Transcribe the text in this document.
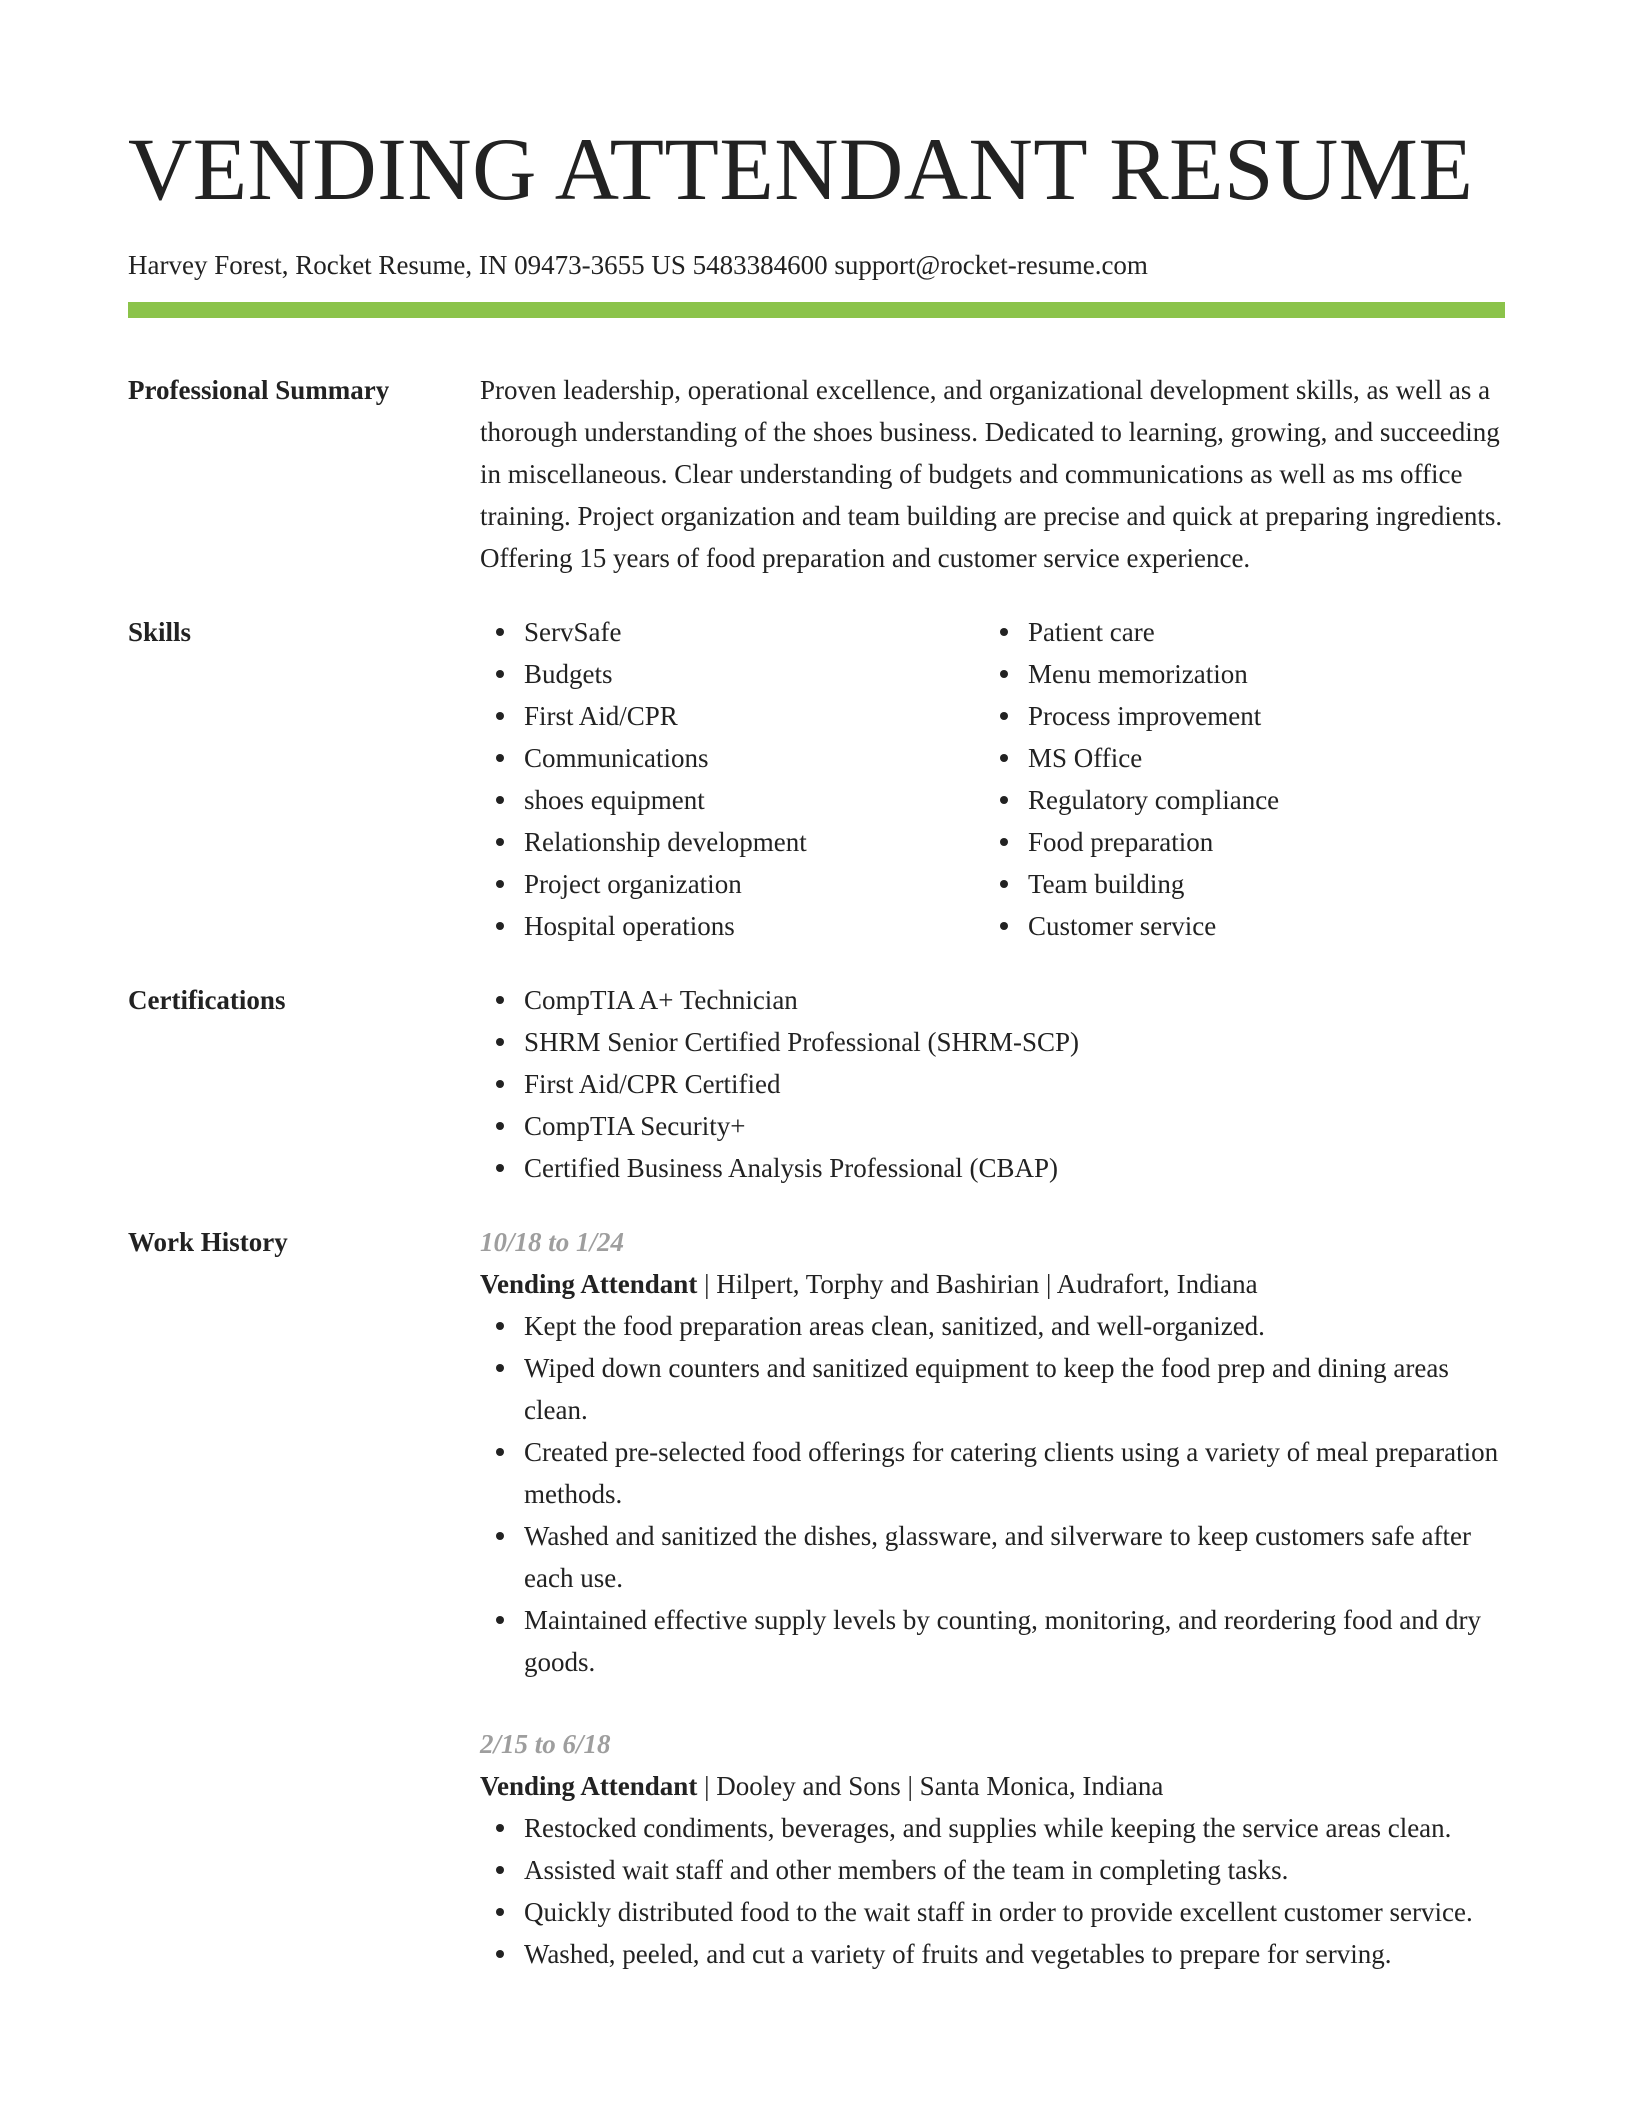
VENDING ATTENDANT RESUME
Harvey Forest, Rocket Resume, IN 09473-3655 US 5483384600 support@rocket-resume.com
Professional Summary	Proven leadership, operational excellence, and organizational development skills, as well as a thorough understanding of the shoes business. Dedicated to learning, growing, and succeeding in miscellaneous. Clear understanding of budgets and communications as well as ms office training. Project organization and team building are precise and quick at preparing ingredients. Offering 15 years of food preparation and customer service experience.
Skills	ServSafe
Budgets
First Aid/CPR
Communications
shoes equipment
Relationship development
Project organization
Hospital operations
Patient care
Menu memorization
Process improvement
MS Office
Regulatory compliance
Food preparation
Team building
Customer service
Certifications	CompTIA A+ Technician
SHRM Senior Certified Professional (SHRM-SCP)
First Aid/CPR Certified
CompTIA Security+
Certified Business Analysis Professional (CBAP)
Work History	10/18 to 1/24
Vending Attendant | Hilpert, Torphy and Bashirian | Audrafort, Indiana
Kept the food preparation areas clean, sanitized, and well-organized.
Wiped down counters and sanitized equipment to keep the food prep and dining areas clean.
Created pre-selected food offerings for catering clients using a variety of meal preparation methods.
Washed and sanitized the dishes, glassware, and silverware to keep customers safe after each use.
Maintained effective supply levels by counting, monitoring, and reordering food and dry goods.
2/15 to 6/18
Vending Attendant | Dooley and Sons | Santa Monica, Indiana
Restocked condiments, beverages, and supplies while keeping the service areas clean.
Assisted wait staff and other members of the team in completing tasks.
Quickly distributed food to the wait staff in order to provide excellent customer service.
Washed, peeled, and cut a variety of fruits and vegetables to prepare for serving.
